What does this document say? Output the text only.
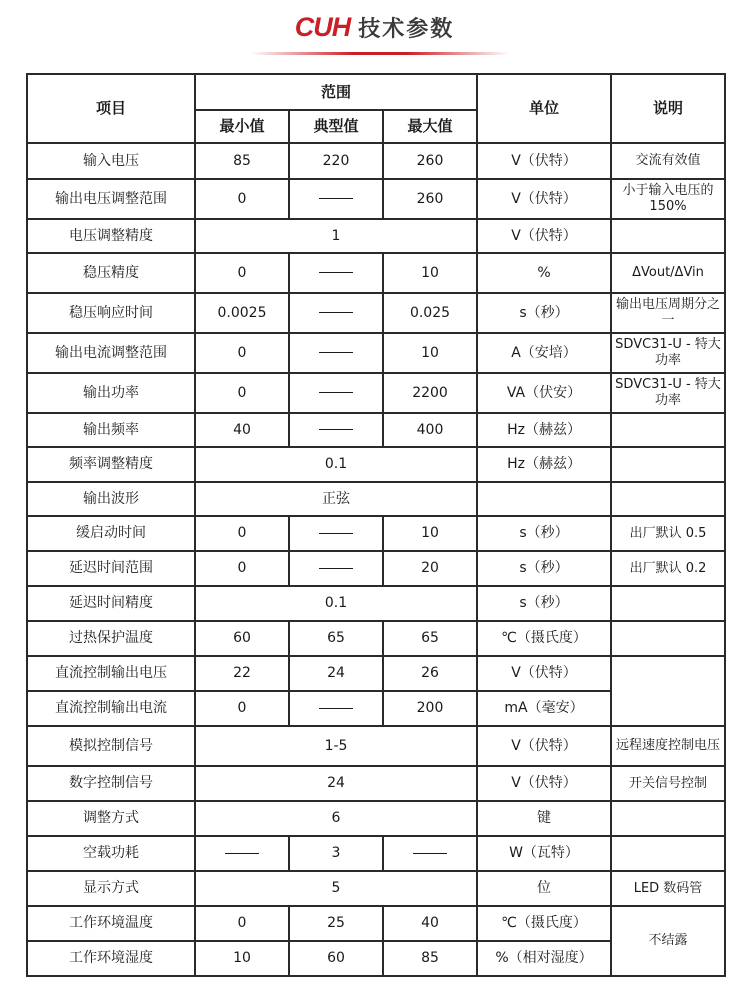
CUH 技术参数
项目	范围			单位	说明
	最小值	典型值	最大值		
输入电压	85	220	260	V（伏特）	交流有效值
输出电压调整范围	0		260	V（伏特）	小于输入电压的 150%
电压调整精度	1			V（伏特）	
稳压精度	0		10	%	ΔVout/ΔVin
稳压响应时间	0.0025		0.025	s（秒）	输出电压周期分之一
输出电流调整范围	0		10	A（安培）	SDVC31-U - 特大功率
输出功率	0		2200	VA（伏安）	SDVC31-U - 特大功率
输出频率	40		400	Hz（赫兹）	
频率调整精度	0.1			Hz（赫兹）	
输出波形	正弦				
缓启动时间	0		10	s（秒）	出厂默认 0.5
延迟时间范围	0		20	s（秒）	出厂默认 0.2
延迟时间精度	0.1			s（秒）	
过热保护温度	60	65	65	℃（摄氏度）	
直流控制输出电压	22	24	26	V（伏特）	
直流控制输出电流	0		200	mA（毫安）	
模拟控制信号	1-5			V（伏特）	远程速度控制电压
数字控制信号	24			V（伏特）	开关信号控制
调整方式	6			键	
空载功耗		3		W（瓦特）	
显示方式	5			位	LED 数码管
工作环境温度	0	25	40	℃（摄氏度）	不结露
工作环境湿度	10	60	85	%（相对湿度）	
